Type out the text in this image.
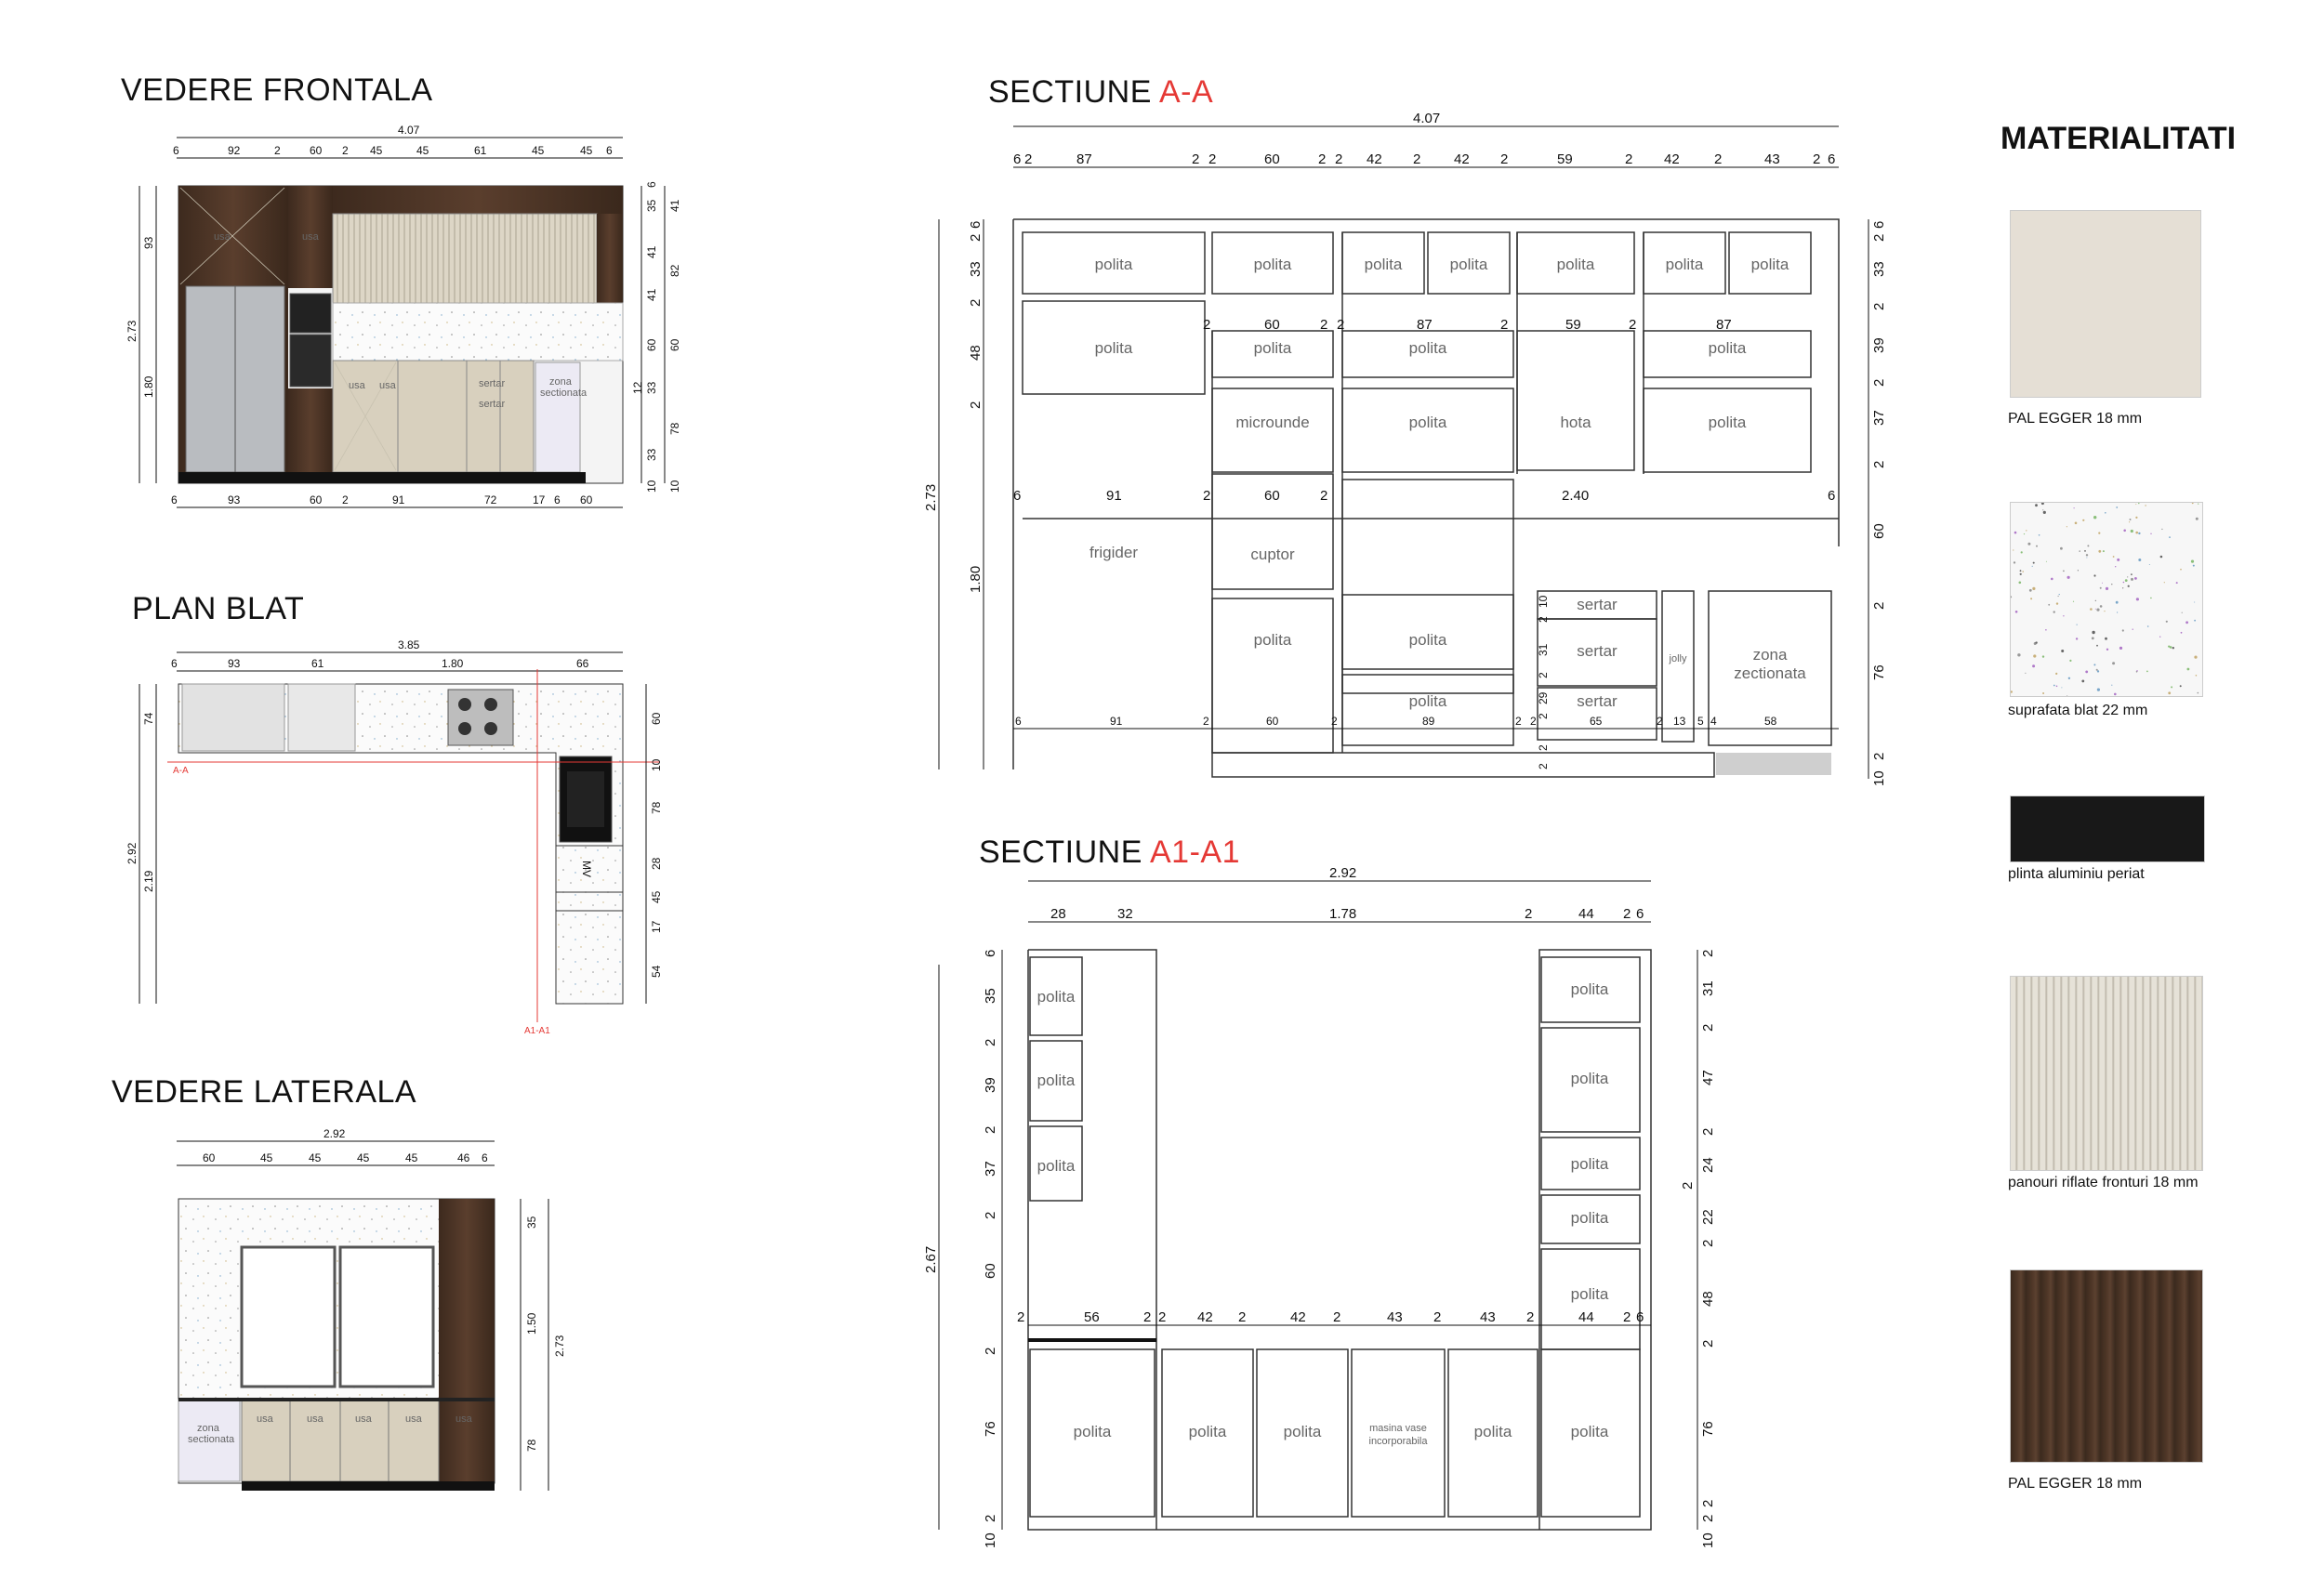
VEDERE FRONTALA
PLAN BLAT
VEDERE LATERALA
SECTIUNE A-A
SECTIUNE A1-A1
4.07
6	92	2	60 2 45	45	61	45	45 6
usa	usa
usa usa	sertar
sertar
zona
sectionata
93
1.80
2.73
6
35 41
41
41
82
60 60
12 33
33
78
10 10
6	93	60 2	91	72	17 6 60
3.85
6	93	61	1.80	66
MV
A-A
A1-A1
74
2.92
2.19
60
10
78
28
45
17
54
2.92
60	45	45	45	45	46 6
zona
sectionata
usa	usa	usa	usa	usa
35
1.50
78
2.73
4.07
6 2	87	2 2	60	2 2 42 2 42 2	59	2 42 2	43 2 6
polita
polita
polita	polita	polita	polita	polita	polita
polita	polita	polita
microunde	polita	hota	polita
frigider	cuptor
polita	polita
polita
sertar
sertar
sertar
jolly	zona
zectionata
2	60	2 2	87	2	59	2	87
6	91	2	60	2	2.40	6
6	91	2	60	2	89	2 2	65	2 13 5 4	58
6
2
33
2
48
2
2.73
1.80
6
2
33
2
39
2
37
2
60
2
76
10
2
10
2
31
2
29
2
2
2
2.92
28	32	1.78	2	44 2 6
2	56	2 2 42 2	42 2	43 2	43 2	44 2 6
polita
polita
polita
polita
polita
polita
polita
polita
polita	polita	polita	masina vase
incorporabila
polita	polita
6
35
2
39
2
37
2
60
2
76
10
2
2.67
2
31
2
47
2
24
2
22
2
48
2
76
10
2
2
MATERIALITATI
PAL EGGER 18 mm
suprafata blat 22 mm
plinta aluminiu periat
panouri riflate fronturi 18 mm
PAL EGGER 18 mm
